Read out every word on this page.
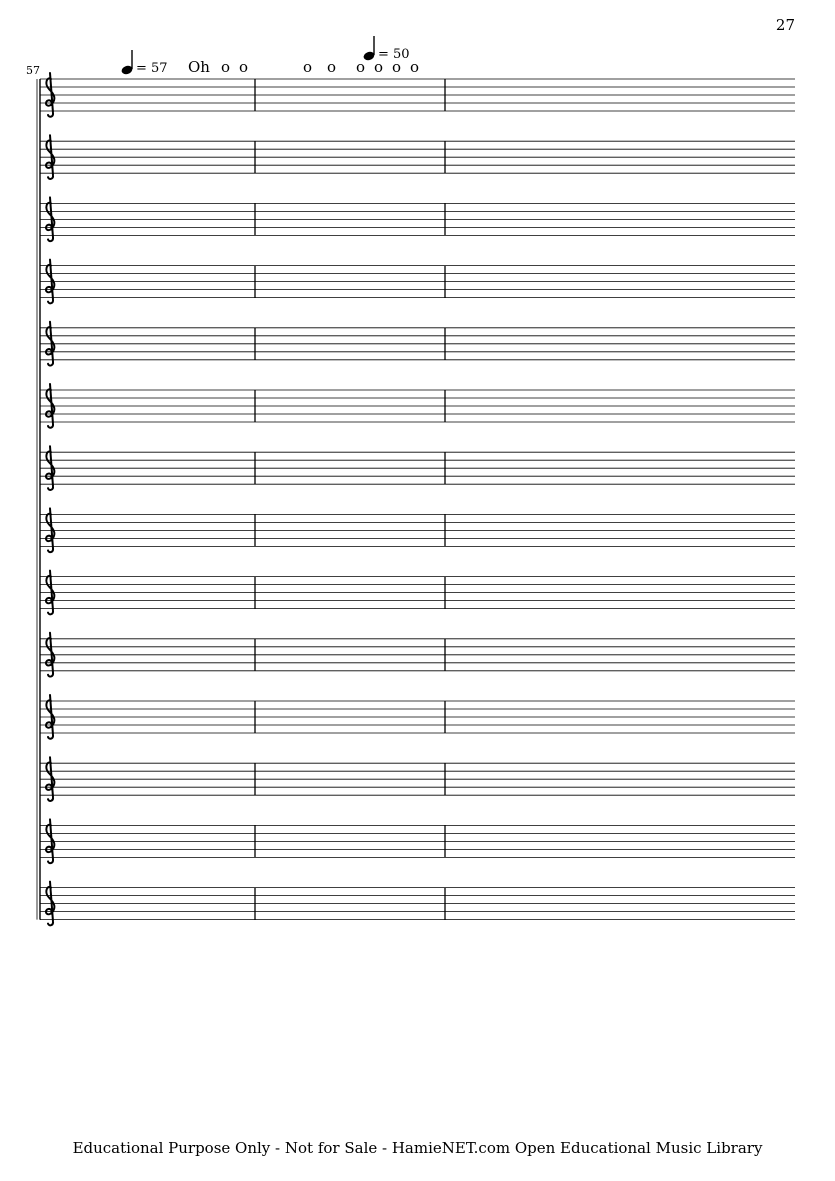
27
57	= 57
= 50
Oh o o	o o o o o o
Educational Purpose Only - Not for Sale - HamieNET.com Open Educational Music Library
